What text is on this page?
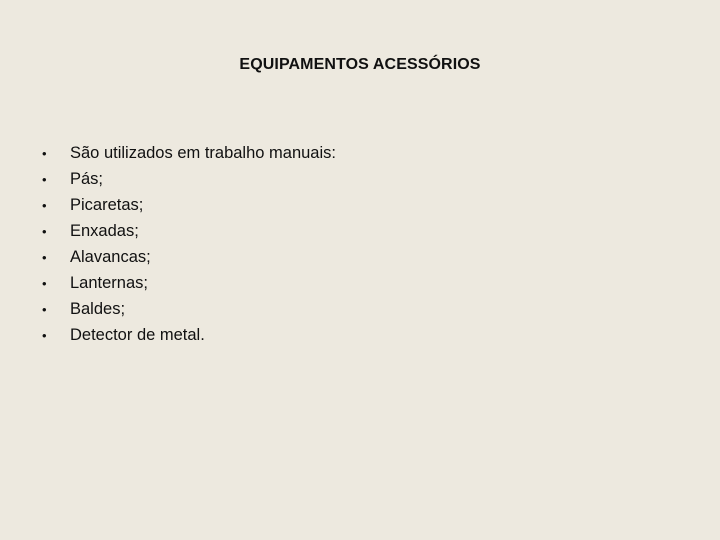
EQUIPAMENTOS ACESSÓRIOS
•	São utilizados em trabalho manuais:
•	Pás;
•	Picaretas;
•	Enxadas;
•	Alavancas;
•	Lanternas;
•	Baldes;
•	Detector de metal.
